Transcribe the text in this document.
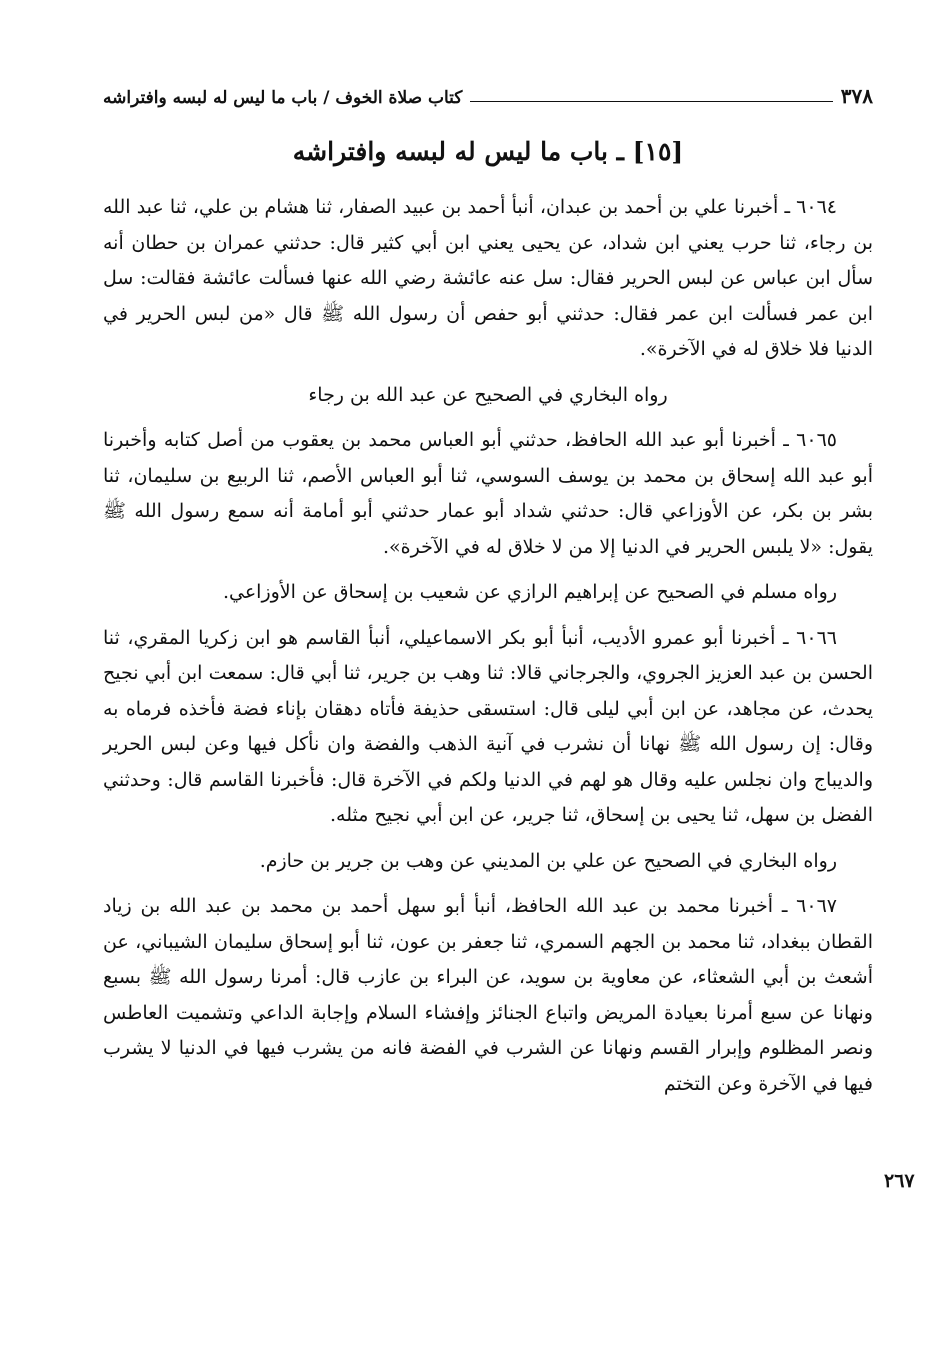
٣٧٨
كتاب صلاة الخوف / باب ما ليس له لبسه وافتراشه
[١٥] ـ باب ما ليس له لبسه وافتراشه

٦٠٦٤ ـ أخبرنا علي بن أحمد بن عبدان، أنبأ أحمد بن عبيد الصفار، ثنا هشام بن علي، ثنا عبد الله بن رجاء، ثنا حرب يعني ابن شداد، عن يحيى يعني ابن أبي كثير قال: حدثني عمران بن حطان أنه سأل ابن عباس عن لبس الحرير فقال: سل عنه عائشة رضي الله عنها فسألت عائشة فقالت: سل ابن عمر فسألت ابن عمر فقال: حدثني أبو حفص أن رسول الله ﷺ قال «من لبس الحرير في الدنيا فلا خلاق له في الآخرة».

رواه البخاري في الصحيح عن عبد الله بن رجاء

٦٠٦٥ ـ أخبرنا أبو عبد الله الحافظ، حدثني أبو العباس محمد بن يعقوب من أصل كتابه وأخبرنا أبو عبد الله إسحاق بن محمد بن يوسف السوسي، ثنا أبو العباس الأصم، ثنا الربيع بن سليمان، ثنا بشر بن بكر، عن الأوزاعي قال: حدثني شداد أبو عمار حدثني أبو أمامة أنه سمع رسول الله ﷺ يقول: «لا يلبس الحرير في الدنيا إلا من لا خلاق له في الآخرة».

رواه مسلم في الصحيح عن إبراهيم الرازي عن شعيب بن إسحاق عن الأوزاعي.

٦٠٦٦ ـ أخبرنا أبو عمرو الأديب، أنبأ أبو بكر الاسماعيلي، أنبأ القاسم هو ابن زكريا المقري، ثنا الحسن بن عبد العزيز الجروي، والجرجاني قالا: ثنا وهب بن جرير، ثنا أبي قال: سمعت ابن أبي نجيح يحدث، عن مجاهد، عن ابن أبي ليلى قال: استسقى حذيفة فأتاه دهقان بإناء فضة فأخذه فرماه به وقال: إن رسول الله ﷺ نهانا أن نشرب في آنية الذهب والفضة وان نأكل فيها وعن لبس الحرير والديباج وان نجلس عليه وقال هو لهم في الدنيا ولكم في الآخرة قال: فأخبرنا القاسم قال: وحدثني الفضل بن سهل، ثنا يحيى بن إسحاق، ثنا جرير، عن ابن أبي نجيح مثله.

رواه البخاري في الصحيح عن علي بن المديني عن وهب بن جرير بن حازم.

٦٠٦٧ ـ أخبرنا محمد بن عبد الله الحافظ، أنبأ أبو سهل أحمد بن محمد بن عبد الله بن زياد القطان ببغداد، ثنا محمد بن الجهم السمري، ثنا جعفر بن عون، ثنا أبو إسحاق سليمان الشيباني، عن أشعث بن أبي الشعثاء، عن معاوية بن سويد، عن البراء بن عازب قال: أمرنا رسول الله ﷺ بسبع ونهانا عن سبع أمرنا بعيادة المريض واتباع الجنائز وإفشاء السلام وإجابة الداعي وتشميت العاطس ونصر المظلوم وإبرار القسم ونهانا عن الشرب في الفضة فانه من يشرب فيها في الدنيا لا يشرب فيها في الآخرة وعن التختم

٢٦٧
